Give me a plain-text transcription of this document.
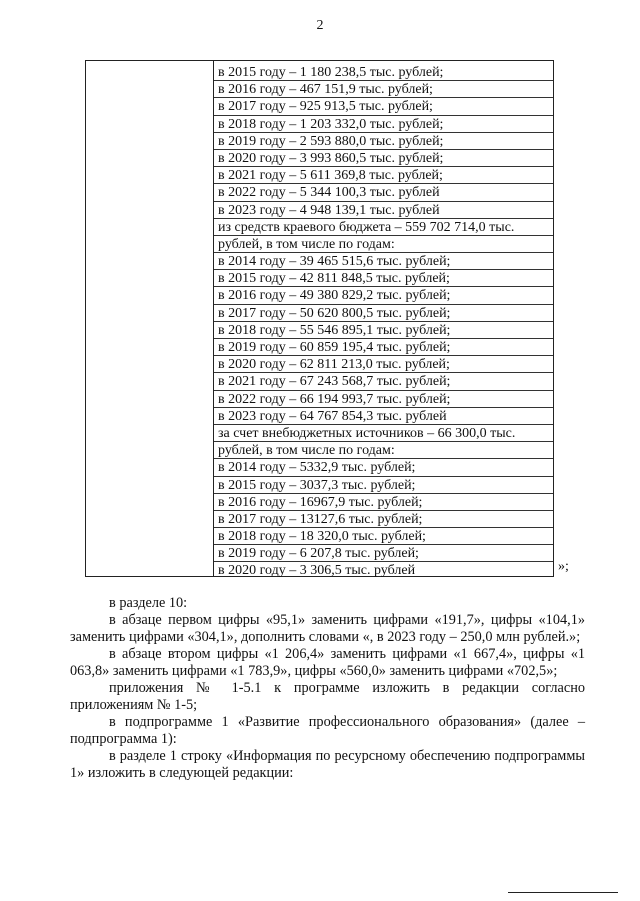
2
в 2015 году – 1 180 238,5 тыс. рублей;
в 2016 году – 467 151,9 тыс. рублей;
в 2017 году – 925 913,5 тыс. рублей;
в 2018 году – 1 203 332,0 тыс. рублей;
в 2019 году – 2 593 880,0 тыс. рублей;
в 2020 году – 3 993 860,5 тыс. рублей;
в 2021 году – 5 611 369,8 тыс. рублей;
в 2022 году – 5 344 100,3 тыс. рублей
в 2023 году – 4 948 139,1 тыс. рублей
из средств краевого бюджета – 559 702 714,0 тыс.
рублей, в том числе по годам:
в 2014 году – 39 465 515,6 тыс. рублей;
в 2015 году – 42 811 848,5 тыс. рублей;
в 2016 году – 49 380 829,2 тыс. рублей;
в 2017 году – 50 620 800,5 тыс. рублей;
в 2018 году – 55 546 895,1 тыс. рублей;
в 2019 году – 60 859 195,4 тыс. рублей;
в 2020 году – 62 811 213,0 тыс. рублей;
в 2021 году – 67 243 568,7 тыс. рублей;
в 2022 году – 66 194 993,7 тыс. рублей;
в 2023 году – 64 767 854,3 тыс. рублей
за счет внебюджетных источников – 66 300,0 тыс.
рублей, в том числе по годам:
в 2014 году – 5332,9 тыс. рублей;
в 2015 году – 3037,3 тыс. рублей;
в 2016 году – 16967,9 тыс. рублей;
в 2017 году – 13127,6 тыс. рублей;
в 2018 году – 18 320,0 тыс. рублей;
в 2019 году – 6 207,8 тыс. рублей;
в 2020 году – 3 306,5 тыс. рублей	»;

в разделе 10:

в абзаце первом цифры «95,1» заменить цифрами «191,7», цифры «104,1» заменить цифрами «304,1», дополнить словами «, в 2023 году – 250,0 млн рублей.»;

в абзаце втором цифры «1 206,4» заменить цифрами «1 667,4», цифры «1 063,8» заменить цифрами «1 783,9», цифры «560,0» заменить цифрами «702,5»;

приложения № 1-5.1 к программе изложить в редакции согласно приложениям № 1-5;

в подпрограмме 1 «Развитие профессионального образования» (далее – подпрограмма 1):

в разделе 1 строку «Информация по ресурсному обеспечению подпрограммы 1» изложить в следующей редакции:
